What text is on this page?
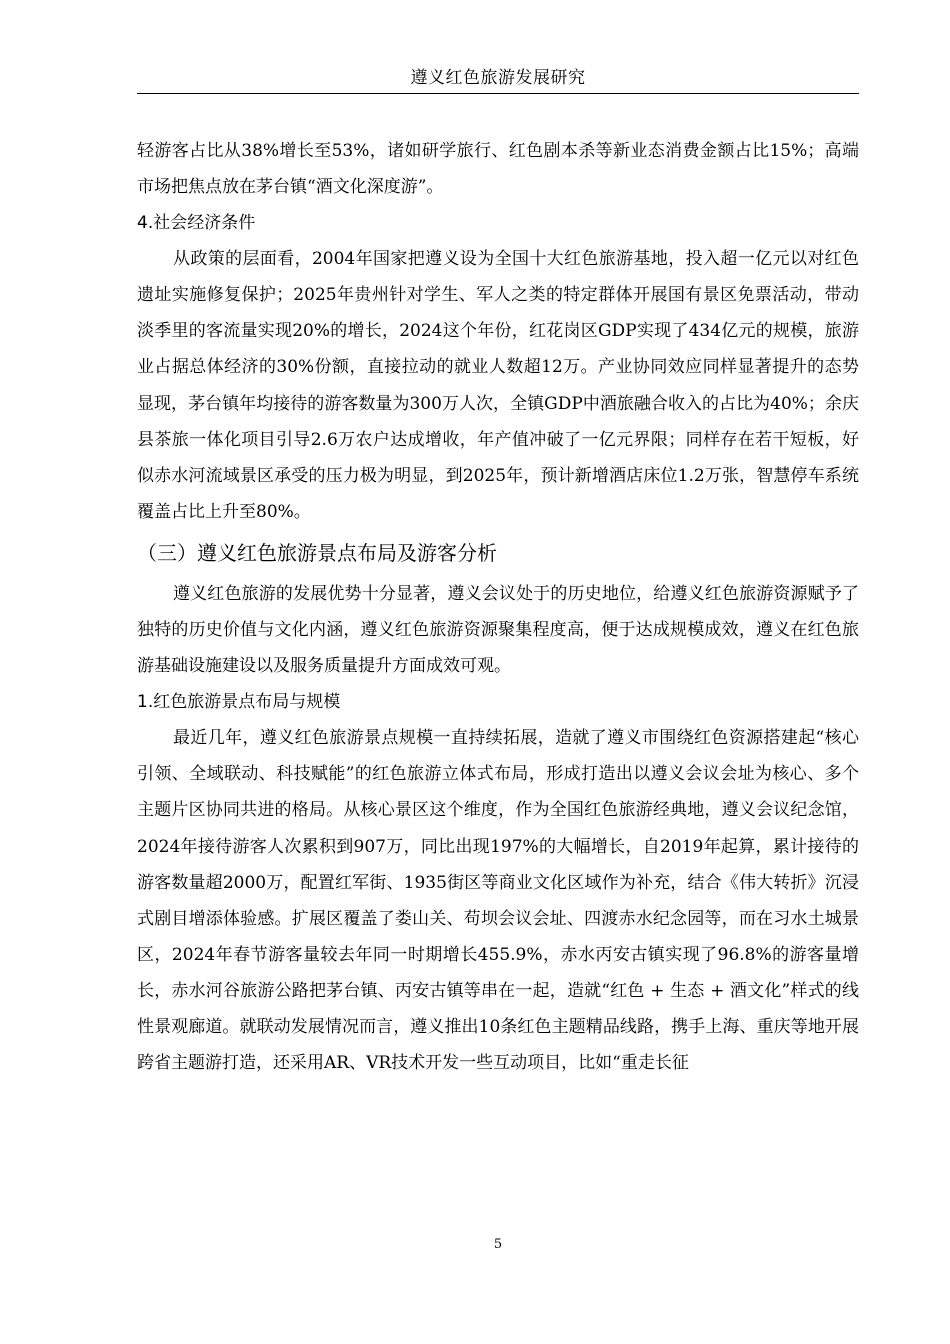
遵义红色旅游发展研究

轻游客占比从38%增长至53%，诸如研学旅行、红色剧本杀等新业态消费金额占比15%；高端市场把焦点放在茅台镇“酒文化深度游”。

4.社会经济条件

从政策的层面看，2004年国家把遵义设为全国十大红色旅游基地，投入超一亿元以对红色遗址实施修复保护；2025年贵州针对学生、军人之类的特定群体开展国有景区免票活动，带动淡季里的客流量实现20%的增长，2024这个年份，红花岗区GDP实现了434亿元的规模，旅游业占据总体经济的30%份额，直接拉动的就业人数超12万。产业协同效应同样显著提升的态势显现，茅台镇年均接待的游客数量为300万人次，全镇GDP中酒旅融合收入的占比为40%；余庆县茶旅一体化项目引导2.6万农户达成增收，年产值冲破了一亿元界限；同样存在若干短板，好似赤水河流域景区承受的压力极为明显，到2025年，预计新增酒店床位1.2万张，智慧停车系统覆盖占比上升至80%。

（三）遵义红色旅游景点布局及游客分析

遵义红色旅游的发展优势十分显著，遵义会议处于的历史地位，给遵义红色旅游资源赋予了独特的历史价值与文化内涵，遵义红色旅游资源聚集程度高，便于达成规模成效，遵义在红色旅游基础设施建设以及服务质量提升方面成效可观。

1.红色旅游景点布局与规模

最近几年，遵义红色旅游景点规模一直持续拓展，造就了遵义市围绕红色资源搭建起“核心引领、全域联动、科技赋能”的红色旅游立体式布局，形成打造出以遵义会议会址为核心、多个主题片区协同共进的格局。从核心景区这个维度，作为全国红色旅游经典地，遵义会议纪念馆，2024年接待游客人次累积到907万，同比出现197%的大幅增长，自2019年起算，累计接待的游客数量超2000万，配置红军街、1935街区等商业文化区域作为补充，结合《伟大转折》沉浸式剧目增添体验感。扩展区覆盖了娄山关、苟坝会议会址、四渡赤水纪念园等，而在习水土城景区，2024年春节游客量较去年同一时期增长455.9%，赤水丙安古镇实现了96.8%的游客量增长，赤水河谷旅游公路把茅台镇、丙安古镇等串在一起，造就“红色 + 生态 + 酒文化”样式的线性景观廊道。就联动发展情况而言，遵义推出10条红色主题精品线路，携手上海、重庆等地开展跨省主题游打造，还采用AR、VR技术开发一些互动项目，比如“重走长征

5
